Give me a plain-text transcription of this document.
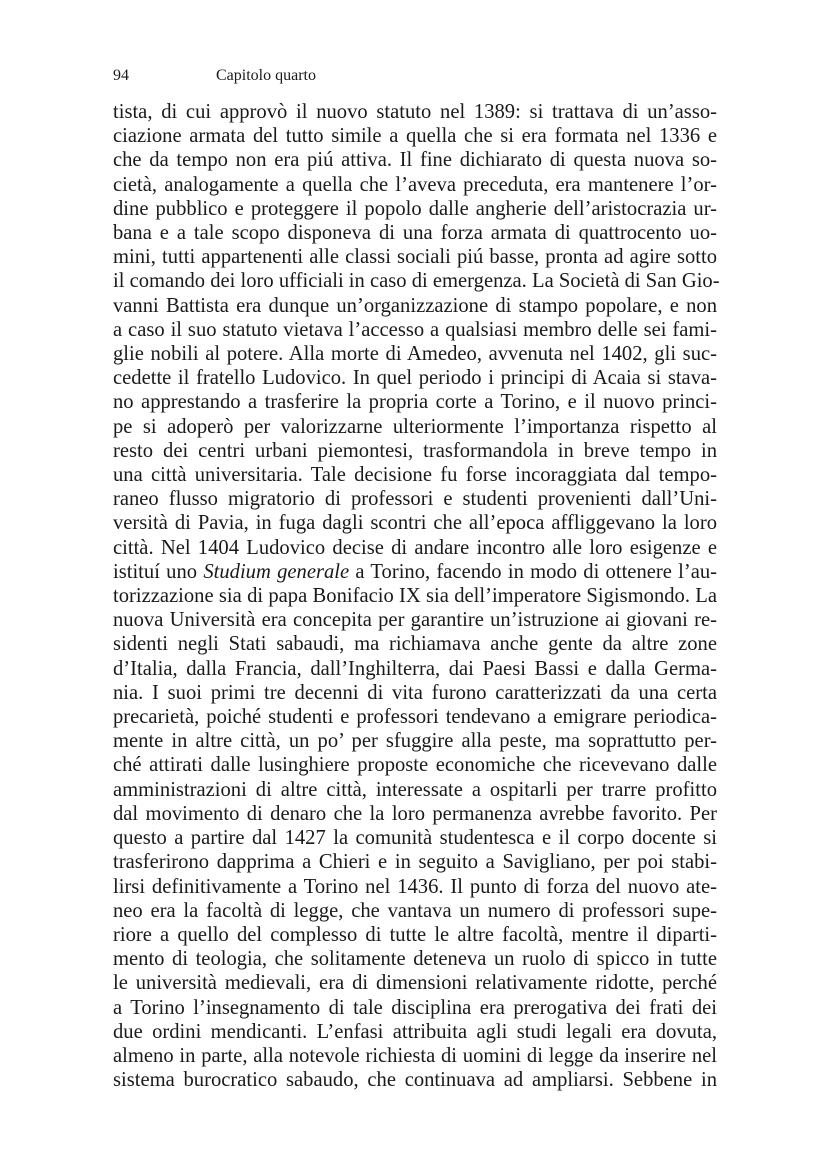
94	Capitolo quarto
tista, di cui approvò il nuovo statuto nel 1389: si trattava di un’asso-
ciazione armata del tutto simile a quella che si era formata nel 1336 e
che da tempo non era piú attiva. Il fine dichiarato di questa nuova so-
cietà, analogamente a quella che l’aveva preceduta, era mantenere l’or-
dine pubblico e proteggere il popolo dalle angherie dell’aristocrazia ur-
bana e a tale scopo disponeva di una forza armata di quattrocento uo-
mini, tutti appartenenti alle classi sociali piú basse, pronta ad agire sotto
il comando dei loro ufficiali in caso di emergenza. La Società di San Gio-
vanni Battista era dunque un’organizzazione di stampo popolare, e non
a caso il suo statuto vietava l’accesso a qualsiasi membro delle sei fami-
glie nobili al potere. Alla morte di Amedeo, avvenuta nel 1402, gli suc-
cedette il fratello Ludovico. In quel periodo i principi di Acaia si stava-
no apprestando a trasferire la propria corte a Torino, e il nuovo princi-
pe si adoperò per valorizzarne ulteriormente l’importanza rispetto al
resto dei centri urbani piemontesi, trasformandola in breve tempo in
una città universitaria. Tale decisione fu forse incoraggiata dal tempo-
raneo flusso migratorio di professori e studenti provenienti dall’Uni-
versità di Pavia, in fuga dagli scontri che all’epoca affliggevano la loro
città. Nel 1404 Ludovico decise di andare incontro alle loro esigenze e
istituí uno Studium generale a Torino, facendo in modo di ottenere l’au-
torizzazione sia di papa Bonifacio IX sia dell’imperatore Sigismondo. La
nuova Università era concepita per garantire un’istruzione ai giovani re-
sidenti negli Stati sabaudi, ma richiamava anche gente da altre zone
d’Italia, dalla Francia, dall’Inghilterra, dai Paesi Bassi e dalla Germa-
nia. I suoi primi tre decenni di vita furono caratterizzati da una certa
precarietà, poiché studenti e professori tendevano a emigrare periodica-
mente in altre città, un po’ per sfuggire alla peste, ma soprattutto per-
ché attirati dalle lusinghiere proposte economiche che ricevevano dalle
amministrazioni di altre città, interessate a ospitarli per trarre profitto
dal movimento di denaro che la loro permanenza avrebbe favorito. Per
questo a partire dal 1427 la comunità studentesca e il corpo docente si
trasferirono dapprima a Chieri e in seguito a Savigliano, per poi stabi-
lirsi definitivamente a Torino nel 1436. Il punto di forza del nuovo ate-
neo era la facoltà di legge, che vantava un numero di professori supe-
riore a quello del complesso di tutte le altre facoltà, mentre il diparti-
mento di teologia, che solitamente deteneva un ruolo di spicco in tutte
le università medievali, era di dimensioni relativamente ridotte, perché
a Torino l’insegnamento di tale disciplina era prerogativa dei frati dei
due ordini mendicanti. L’enfasi attribuita agli studi legali era dovuta,
almeno in parte, alla notevole richiesta di uomini di legge da inserire nel
sistema burocratico sabaudo, che continuava ad ampliarsi. Sebbene in
